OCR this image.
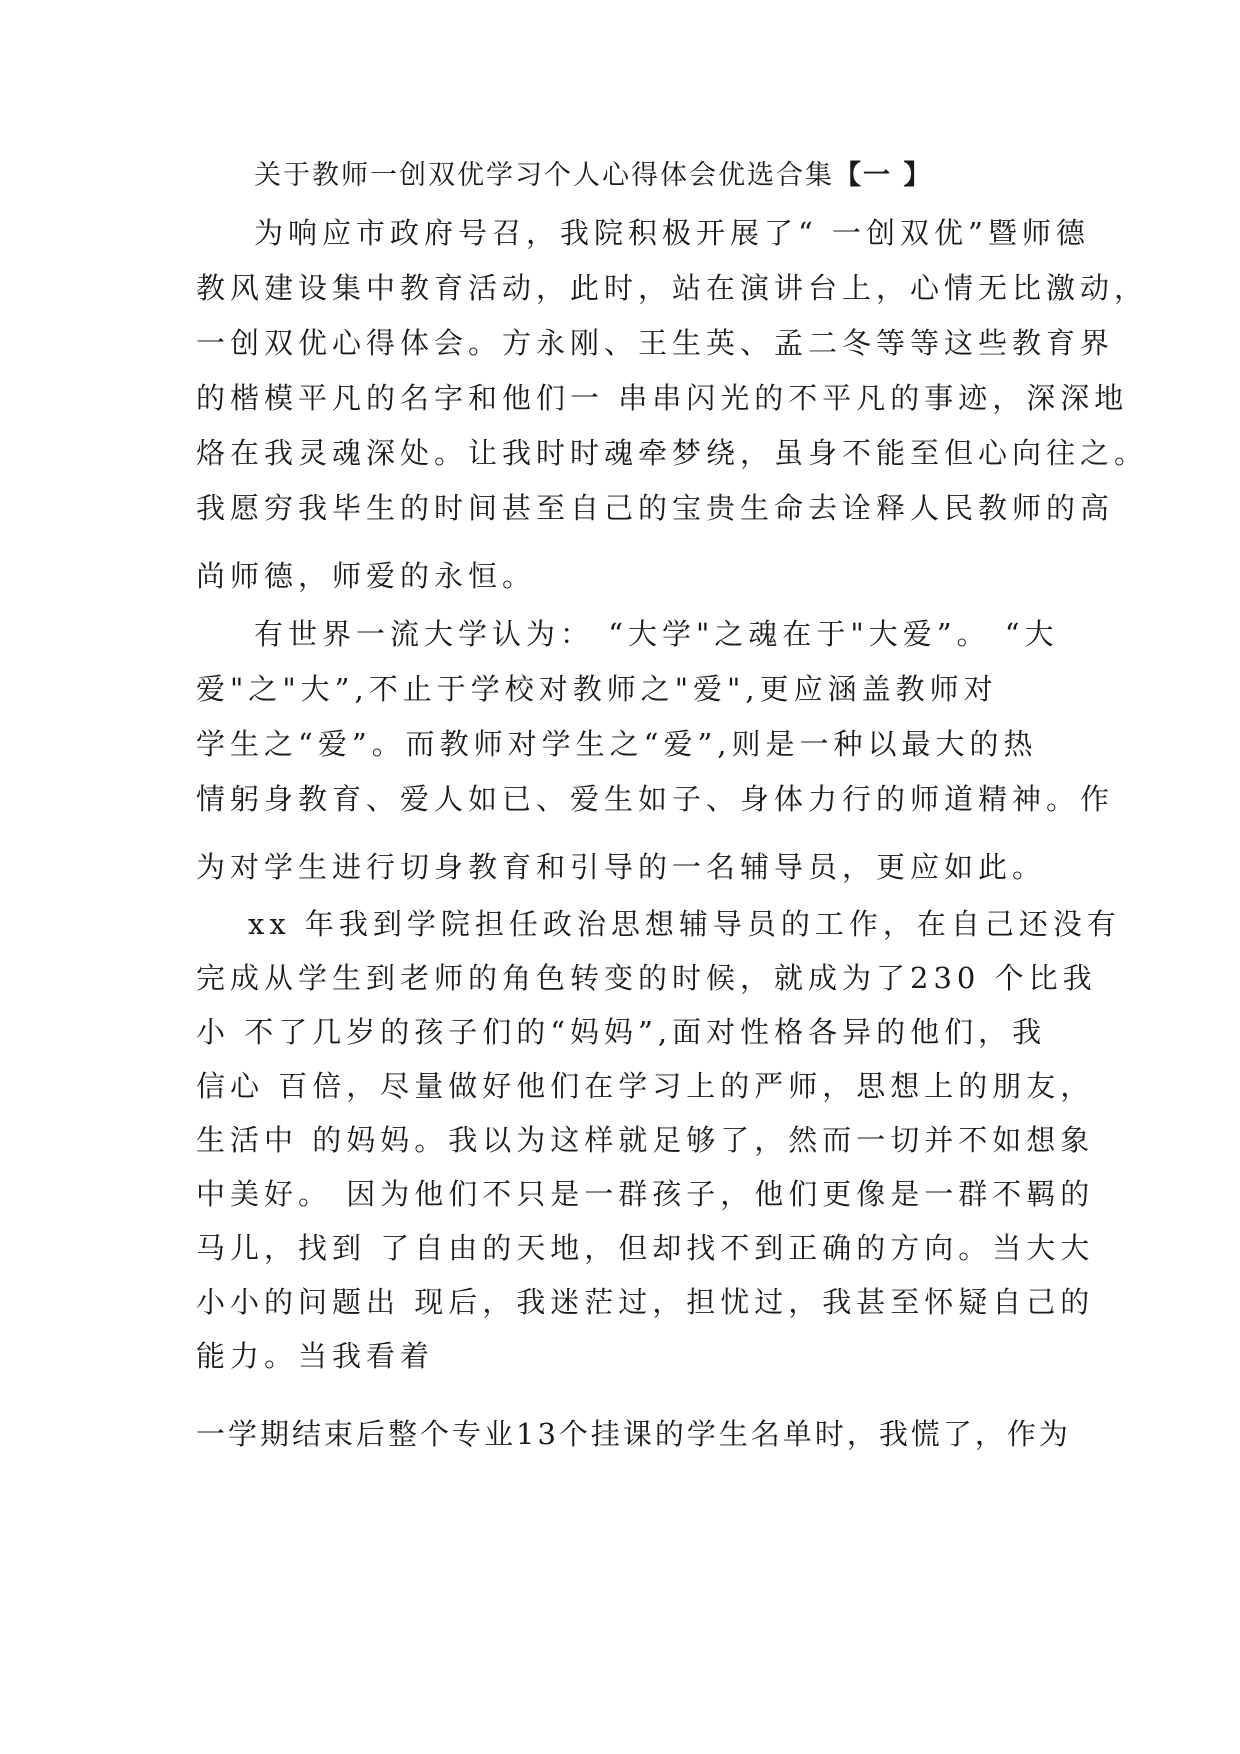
关于教师一创双优学习个人心得体会优选合集【一 】
为响应市政府号召，我院积极开展了“ 一创双优”暨师德
教风建设集中教育活动，此时，站在演讲台上，心情无比激动，
一创双优心得体会。方永刚、王生英、孟二冬等等这些教育界
的楷模平凡的名字和他们一 串串闪光的不平凡的事迹，深深地
烙在我灵魂深处。让我时时魂牵梦绕，虽身不能至但心向往之。
我愿穷我毕生的时间甚至自己的宝贵生命去诠释人民教师的高
尚师德，师爱的永恒。
有世界一流大学认为： “大学"之魂在于"大爱”。 “大
爱"之"大”,不止于学校对教师之"爱",更应涵盖教师对
学生之“爱”。而教师对学生之“爱”,则是一种以最大的热
情躬身教育、爱人如已、爱生如子、身体力行的师道精神。作
为对学生进行切身教育和引导的一名辅导员，更应如此。
xx 年我到学院担任政治思想辅导员的工作，在自己还没有
完成从学生到老师的角色转变的时候，就成为了230 个比我
小 不了几岁的孩子们的“妈妈”,面对性格各异的他们，我
信心 百倍，尽量做好他们在学习上的严师，思想上的朋友，
生活中 的妈妈。我以为这样就足够了，然而一切并不如想象
中美好。 因为他们不只是一群孩子，他们更像是一群不羁的
马儿，找到 了自由的天地，但却找不到正确的方向。当大大
小小的问题出 现后，我迷茫过，担忧过，我甚至怀疑自己的
能力。当我看着
一学期结束后整个专业13个挂课的学生名单时，我慌了，作为
